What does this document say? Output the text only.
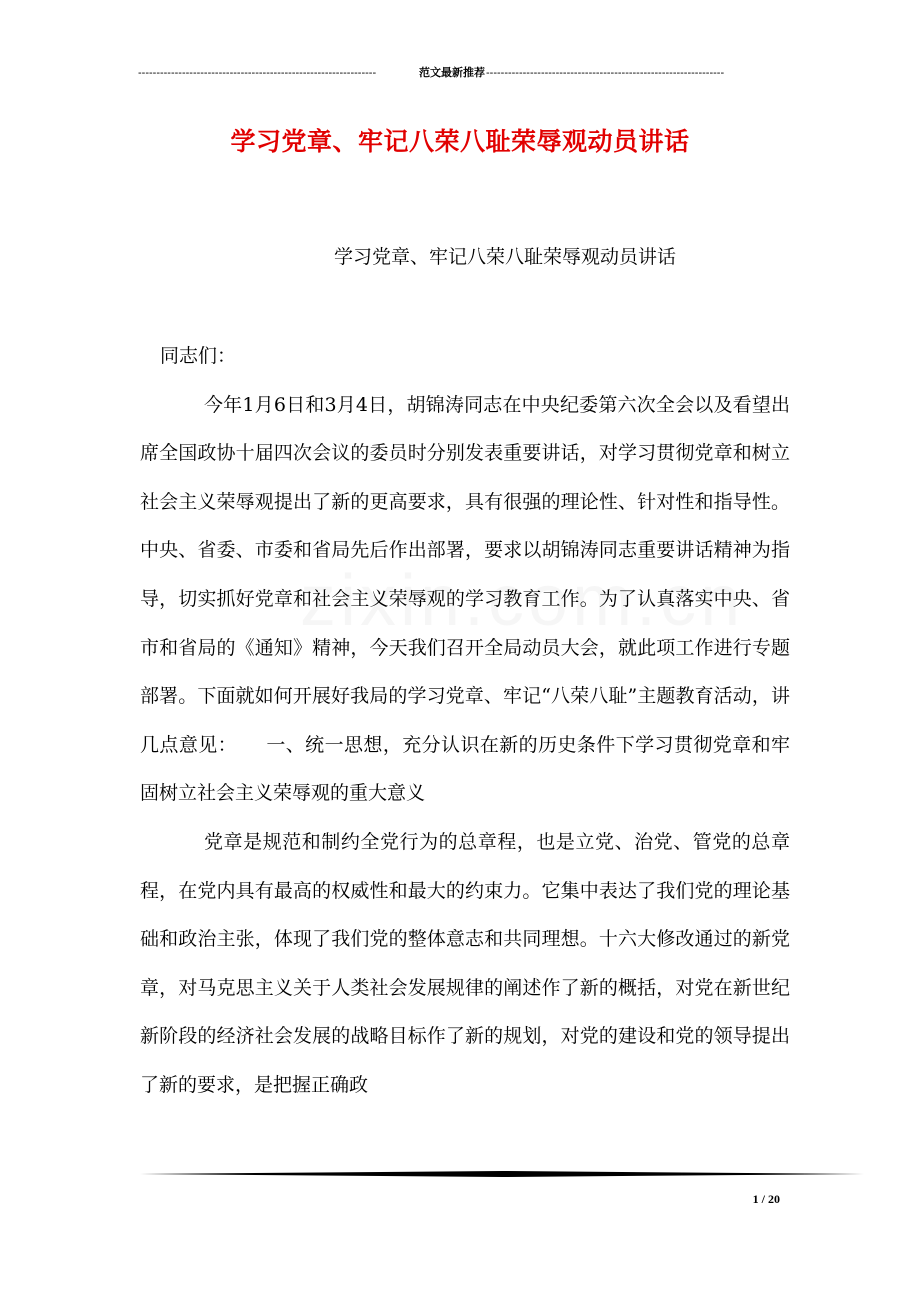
-----------------------------------------------------------------	范文最新推荐 -----------------------------------------------------------------
学习党章、牢记八荣八耻荣辱观动员讲话
学习党章、牢记八荣八耻荣辱观动员讲话

同志们：

今年1月6日和3月4日，胡锦涛同志在中央纪委第六次全会以及看望出席全国政协十届四次会议的委员时分别发表重要讲话，对学习贯彻党章和树立社会主义荣辱观提出了新的更高要求，具有很强的理论性、针对性和指导性。中央、省委、市委和省局先后作出部署，要求以胡锦涛同志重要讲话精神为指导，切实抓好党章和社会主义荣辱观的学习教育工作。为了认真落实中央、省市和省局的《通知》精神，今天我们召开全局动员大会，就此项工作进行专题部署。下面就如何开展好我局的学习党章、牢记“八荣八耻”主题教育活动，讲几点意见：　　一、统一思想，充分认识在新的历史条件下学习贯彻党章和牢固树立社会主义荣辱观的重大意义

党章是规范和制约全党行为的总章程，也是立党、治党、管党的总章程，在党内具有最高的权威性和最大的约束力。它集中表达了我们党的理论基础和政治主张，体现了我们党的整体意志和共同理想。十六大修改通过的新党章，对马克思主义关于人类社会发展规律的阐述作了新的概括，对党在新世纪新阶段的经济社会发展的战略目标作了新的规划，对党的建设和党的领导提出了新的要求，是把握正确政

1 / 20
